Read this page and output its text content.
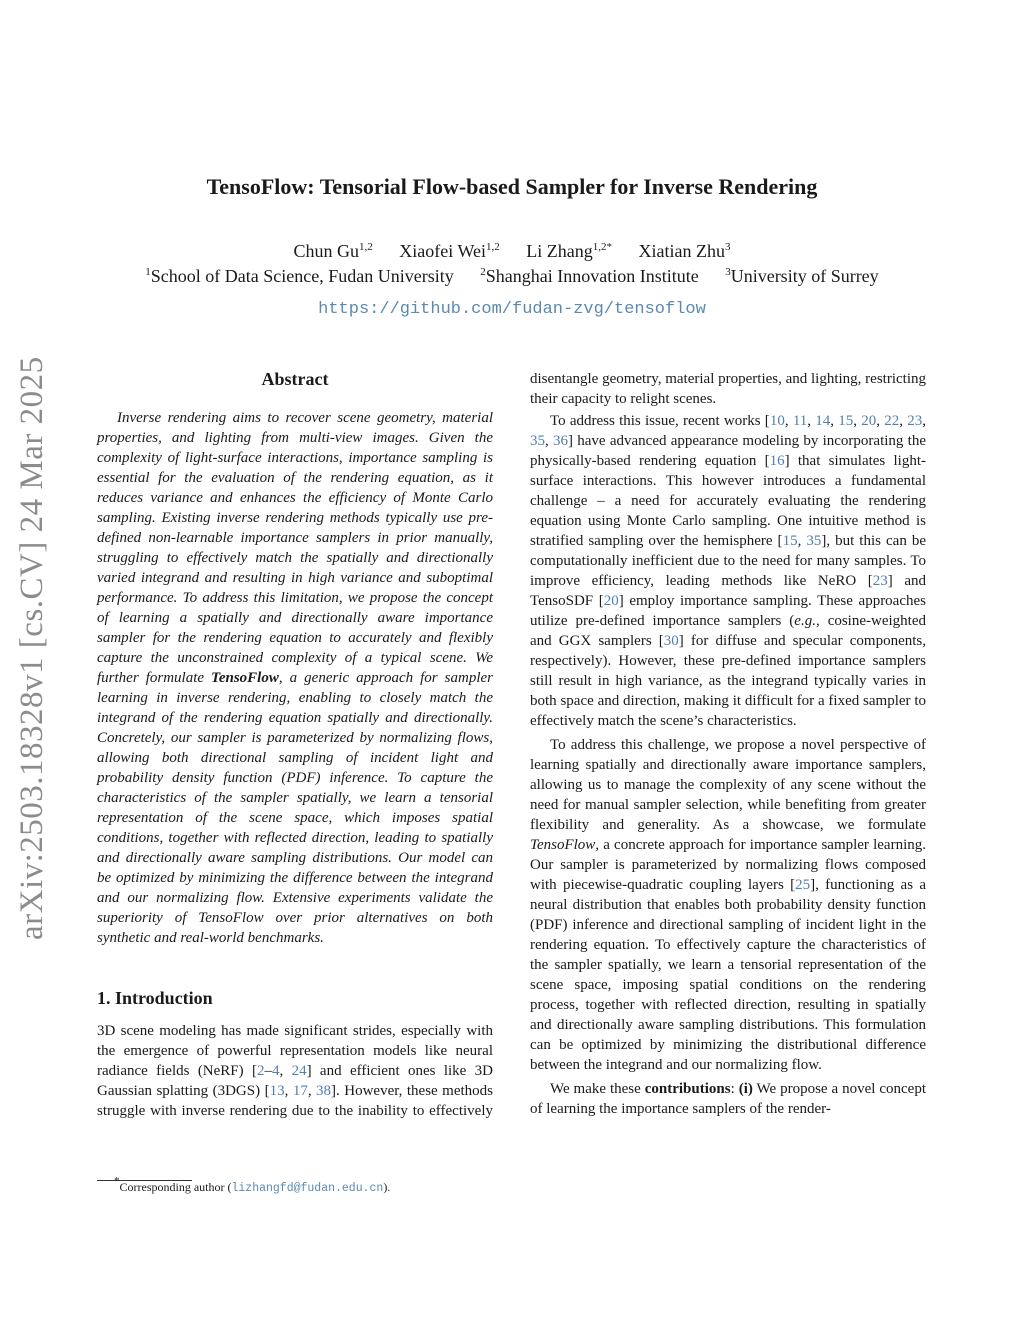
arXiv:2503.18328v1 [cs.CV] 24 Mar 2025
TensoFlow: Tensorial Flow-based Sampler for Inverse Rendering
Chun Gu$^{1,2}$ Xiaofei Wei$^{1,2}$ Li Zhang$^{1,2*}$ Xiatian Zhu$^3$
$^1$School of Data Science, Fudan University $^2$Shanghai Innovation Institute $^3$University of Surrey
https://github.com/fudan-zvg/tensoflow
Abstract

Inverse rendering aims to recover scene geometry, material properties, and lighting from multi-view images. Given the complexity of light-surface interactions, importance sampling is essential for the evaluation of the rendering equation, as it reduces variance and enhances the efficiency of Monte Carlo sampling. Existing inverse rendering methods typically use pre-defined non-learnable importance samplers in prior manually, struggling to effectively match the spatially and directionally varied integrand and resulting in high variance and suboptimal performance. To address this limitation, we propose the concept of learning a spatially and directionally aware importance sampler for the rendering equation to accurately and flexibly capture the unconstrained complexity of a typical scene. We further formulate TensoFlow, a generic approach for sampler learning in inverse rendering, enabling to closely match the integrand of the rendering equation spatially and directionally. Concretely, our sampler is parameterized by normalizing flows, allowing both directional sampling of incident light and probability density function (PDF) inference. To capture the characteristics of the sampler spatially, we learn a tensorial representation of the scene space, which imposes spatial conditions, together with reflected direction, leading to spatially and directionally aware sampling distributions. Our model can be optimized by minimizing the difference between the integrand and our normalizing flow. Extensive experiments validate the superiority of TensoFlow over prior alternatives on both synthetic and real-world benchmarks.

1. Introduction

3D scene modeling has made significant strides, especially with the emergence of powerful representation models like neural radiance fields (NeRF) [2–4, 24] and efficient ones like 3D Gaussian splatting (3DGS) [13, 17, 38]. However, these methods struggle with inverse rendering due to the inability to effectively

disentangle geometry, material properties, and lighting, restricting their capacity to relight scenes.

To address this issue, recent works [10, 11, 14, 15, 20, 22, 23, 35, 36] have advanced appearance modeling by incorporating the physically-based rendering equation [16] that simulates light-surface interactions. This however introduces a fundamental challenge – a need for accurately evaluating the rendering equation using Monte Carlo sampling. One intuitive method is stratified sampling over the hemisphere [15, 35], but this can be computationally inefficient due to the need for many samples. To improve efficiency, leading methods like NeRO [23] and TensoSDF [20] employ importance sampling. These approaches utilize pre-defined importance samplers (e.g., cosine-weighted and GGX samplers [30] for diffuse and specular components, respectively). However, these pre-defined importance samplers still result in high variance, as the integrand typically varies in both space and direction, making it difficult for a fixed sampler to effectively match the scene’s characteristics.

To address this challenge, we propose a novel perspective of learning spatially and directionally aware importance samplers, allowing us to manage the complexity of any scene without the need for manual sampler selection, while benefiting from greater flexibility and generality. As a showcase, we formulate TensoFlow, a concrete approach for importance sampler learning. Our sampler is parameterized by normalizing flows composed with piecewise-quadratic coupling layers [25], functioning as a neural distribution that enables both probability density function (PDF) inference and directional sampling of incident light in the rendering equation. To effectively capture the characteristics of the sampler spatially, we learn a tensorial representation of the scene space, imposing spatial conditions on the rendering process, together with reflected direction, resulting in spatially and directionally aware sampling distributions. This formulation can be optimized by minimizing the distributional difference between the integrand and our normalizing flow.

We make these contributions: (i) We propose a novel concept of learning the importance samplers of the render-

*Corresponding author (lizhangfd@fudan.edu.cn).
